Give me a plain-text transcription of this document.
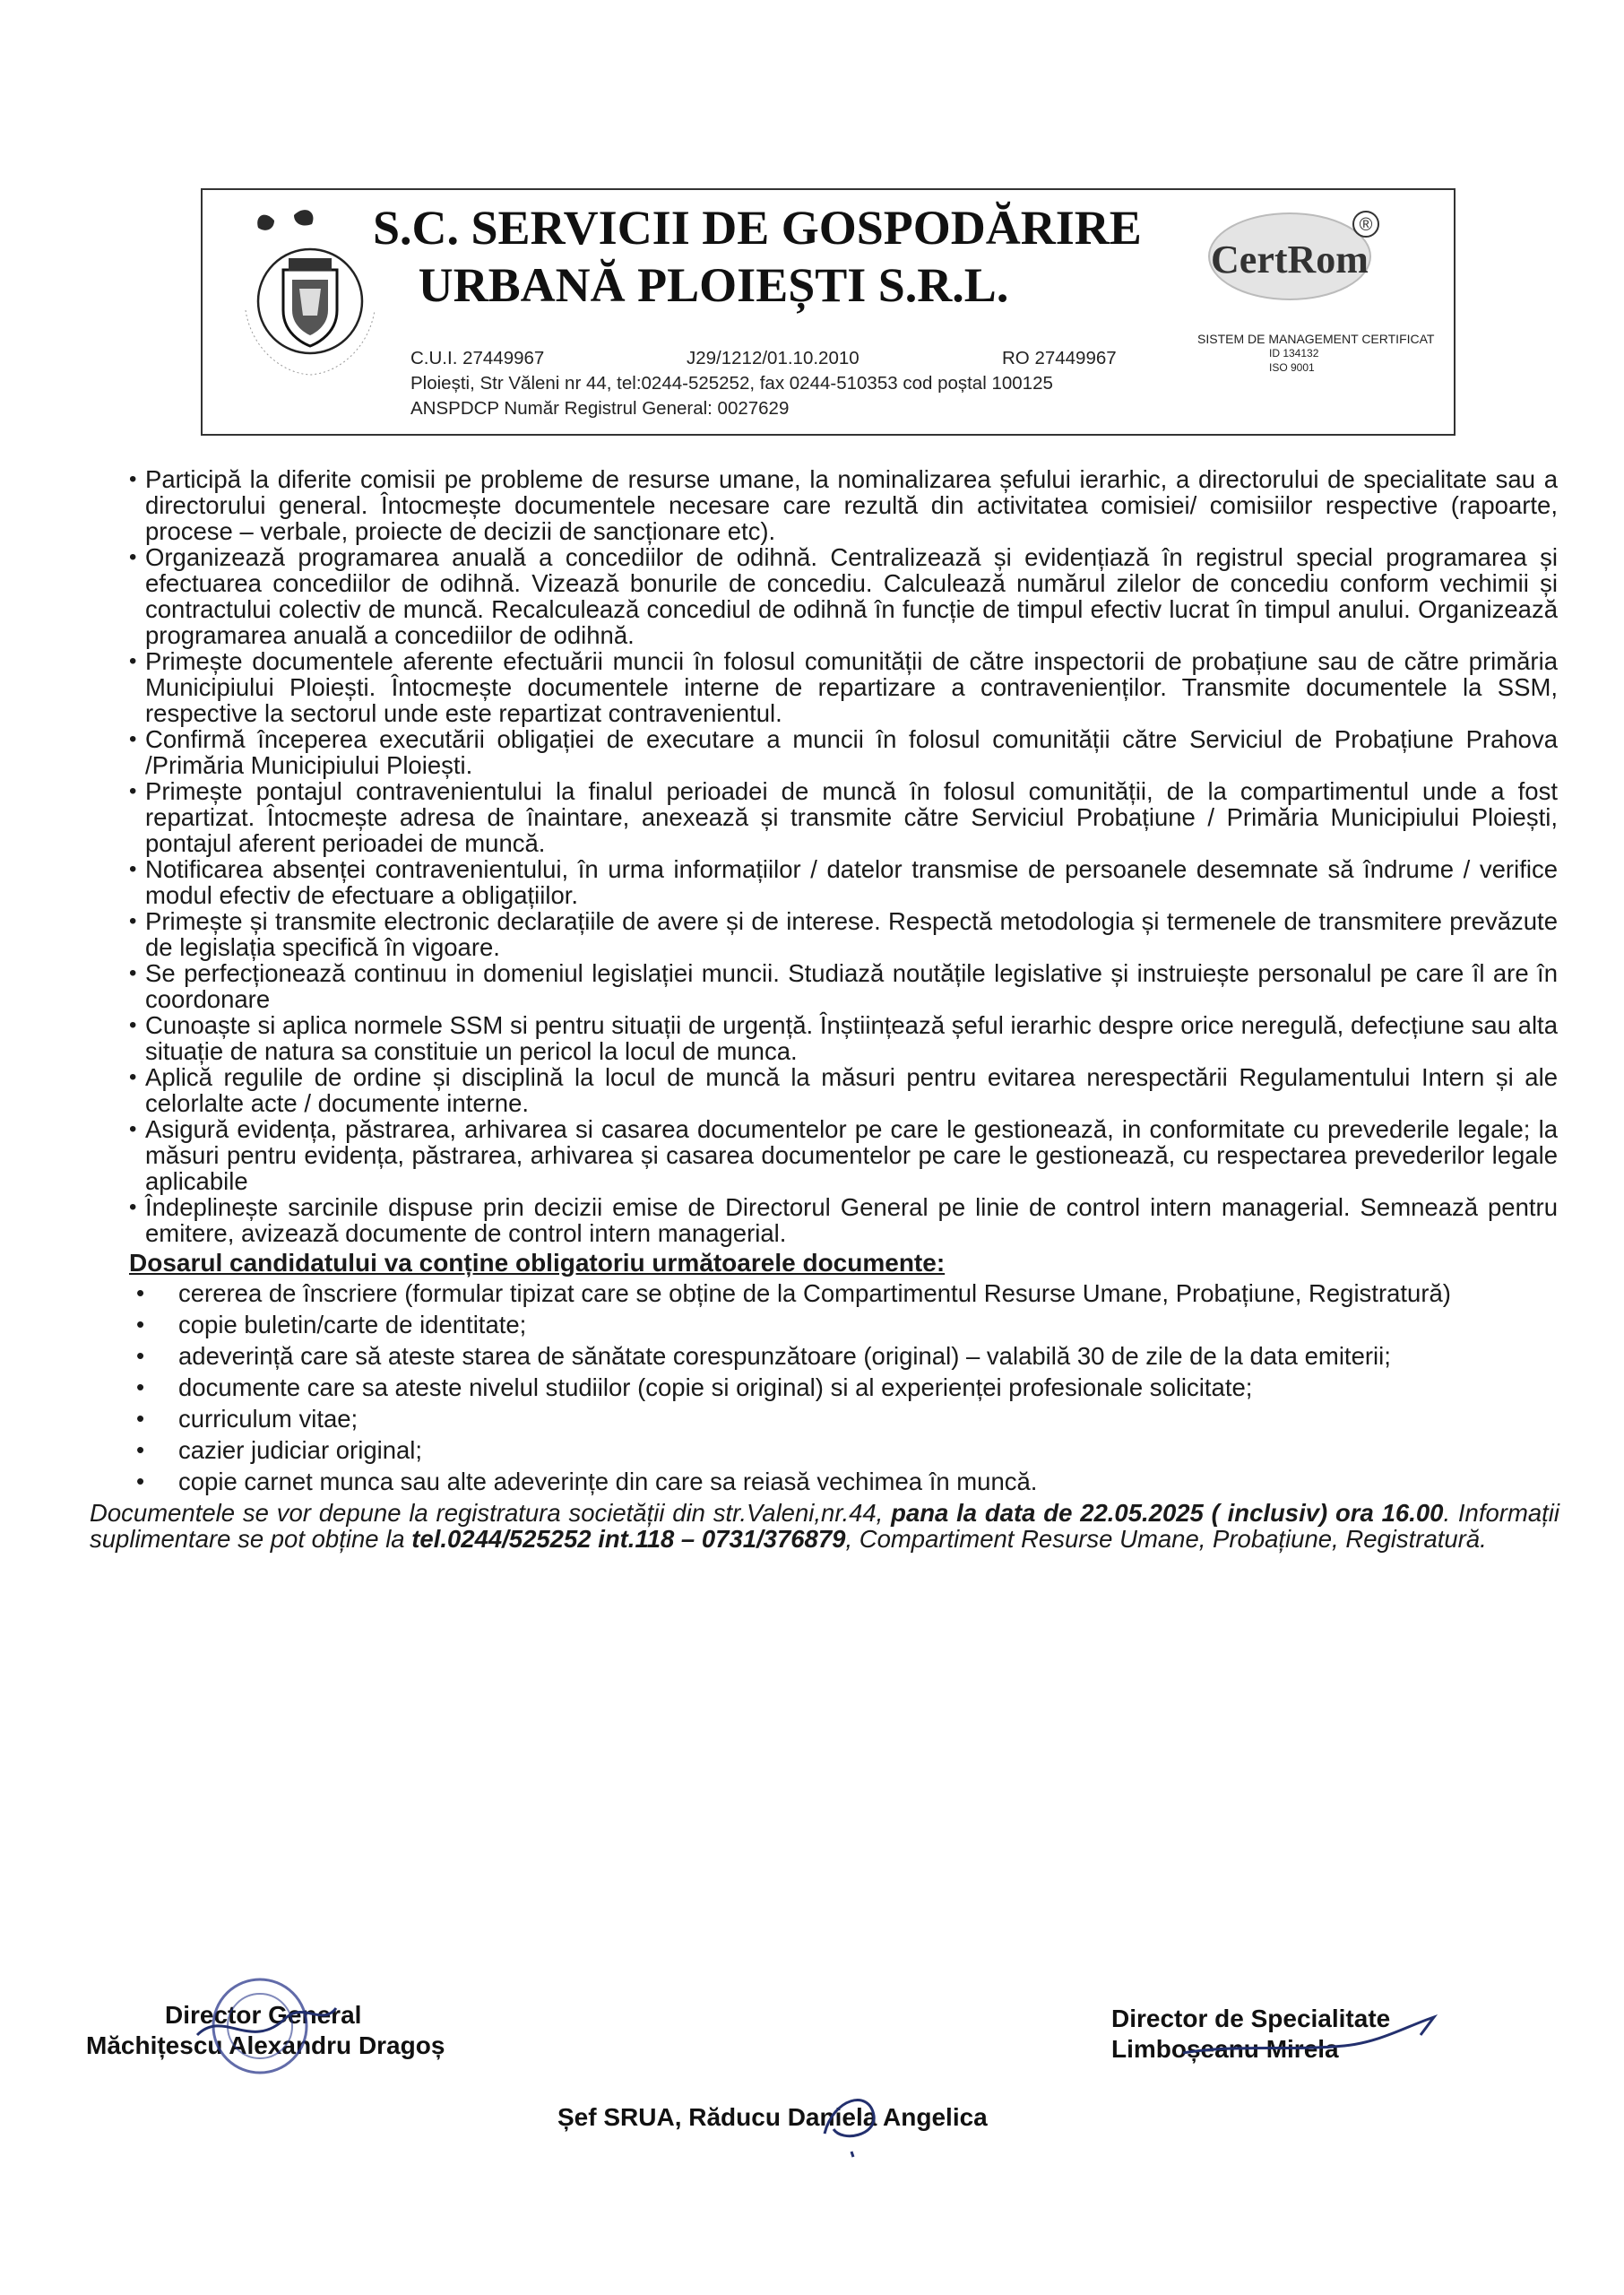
S.C. SERVICII DE GOSPODĂRIRE
URBANĂ PLOIEȘTI S.R.L.	CertRom
®
SISTEM DE MANAGEMENT CERTIFICAT
ID 134132
ISO 9001
C.U.I. 27449967	J29/1212/01.10.2010	RO 27449967
Ploiești, Str Văleni nr 44, tel:0244-525252, fax 0244-510353 cod poștal 100125
ANSPDCP Număr Registrul General: 0027629
• Participă la diferite comisii pe probleme de resurse umane, la nominalizarea șefului ierarhic, a directorului de specialitate sau a directorului general. Întocmește documentele necesare care rezultă din activitatea comisiei/ comisiilor respective (rapoarte, procese – verbale, proiecte de decizii de sancționare etc).
• Organizează programarea anuală a concediilor de odihnă. Centralizează și evidențiază în registrul special programarea și efectuarea concediilor de odihnă. Vizează bonurile de concediu. Calculează numărul zilelor de concediu conform vechimii și contractului colectiv de muncă. Recalculează concediul de odihnă în funcție de timpul efectiv lucrat în timpul anului. Organizează programarea anuală a concediilor de odihnă.
• Primește documentele aferente efectuării muncii în folosul comunității de către inspectorii de probațiune sau de către primăria Municipiului Ploiești. Întocmește documentele interne de repartizare a contravenienților. Transmite documentele la SSM, respective la sectorul unde este repartizat contravenientul.
• Confirmă începerea executării obligației de executare a muncii în folosul comunității către Serviciul de Probațiune Prahova /Primăria Municipiului Ploiești.
• Primește pontajul contravenientului la finalul perioadei de muncă în folosul comunității, de la compartimentul unde a fost repartizat. Întocmește adresa de înaintare, anexează și transmite către Serviciul Probațiune / Primăria Municipiului Ploiești, pontajul aferent perioadei de muncă.
• Notificarea absenței contravenientului, în urma informațiilor / datelor transmise de persoanele desemnate să îndrume / verifice modul efectiv de efectuare a obligațiilor.
• Primește și transmite electronic declarațiile de avere și de interese. Respectă metodologia și termenele de transmitere prevăzute de legislația specifică în vigoare.
• Se perfecționează continuu in domeniul legislației muncii. Studiază noutățile legislative și instruiește personalul pe care îl are în coordonare
• Cunoaște si aplica normele SSM si pentru situații de urgență. Înștiințează șeful ierarhic despre orice neregulă, defecțiune sau alta situație de natura sa constituie un pericol la locul de munca.
• Aplică regulile de ordine și disciplină la locul de muncă la măsuri pentru evitarea nerespectării Regulamentului Intern și ale celorlalte acte / documente interne.
• Asigură evidența, păstrarea, arhivarea si casarea documentelor pe care le gestionează, in conformitate cu prevederile legale; la măsuri pentru evidența, păstrarea, arhivarea și casarea documentelor pe care le gestionează, cu respectarea prevederilor legale aplicabile
• Îndeplinește sarcinile dispuse prin decizii emise de Directorul General pe linie de control intern managerial. Semnează pentru emitere, avizează documente de control intern managerial.
Dosarul candidatului va conține obligatoriu următoarele documente:
• cererea de înscriere (formular tipizat care se obține de la Compartimentul Resurse Umane, Probațiune, Registratură)
• copie buletin/carte de identitate;
• adeverință care să ateste starea de sănătate corespunzătoare (original) – valabilă 30 de zile de la data emiterii;
• documente care sa ateste nivelul studiilor (copie si original) si al experienței profesionale solicitate;
• curriculum vitae;
• cazier judiciar original;
• copie carnet munca sau alte adeverințe din care sa reiasă vechimea în muncă.
Documentele se vor depune la registratura societății din str.Valeni,nr.44, pana la data de 22.05.2025 ( inclusiv) ora 16.00. Informații suplimentare se pot obține la tel.0244/525252 int.118 – 0731/376879, Compartiment Resurse Umane, Probațiune, Registratură.
Director General
Măchițescu Alexandru Dragoș
Director de Specialitate
Limboșeanu Mirela
Șef SRUA, Răducu Daniela Angelica
